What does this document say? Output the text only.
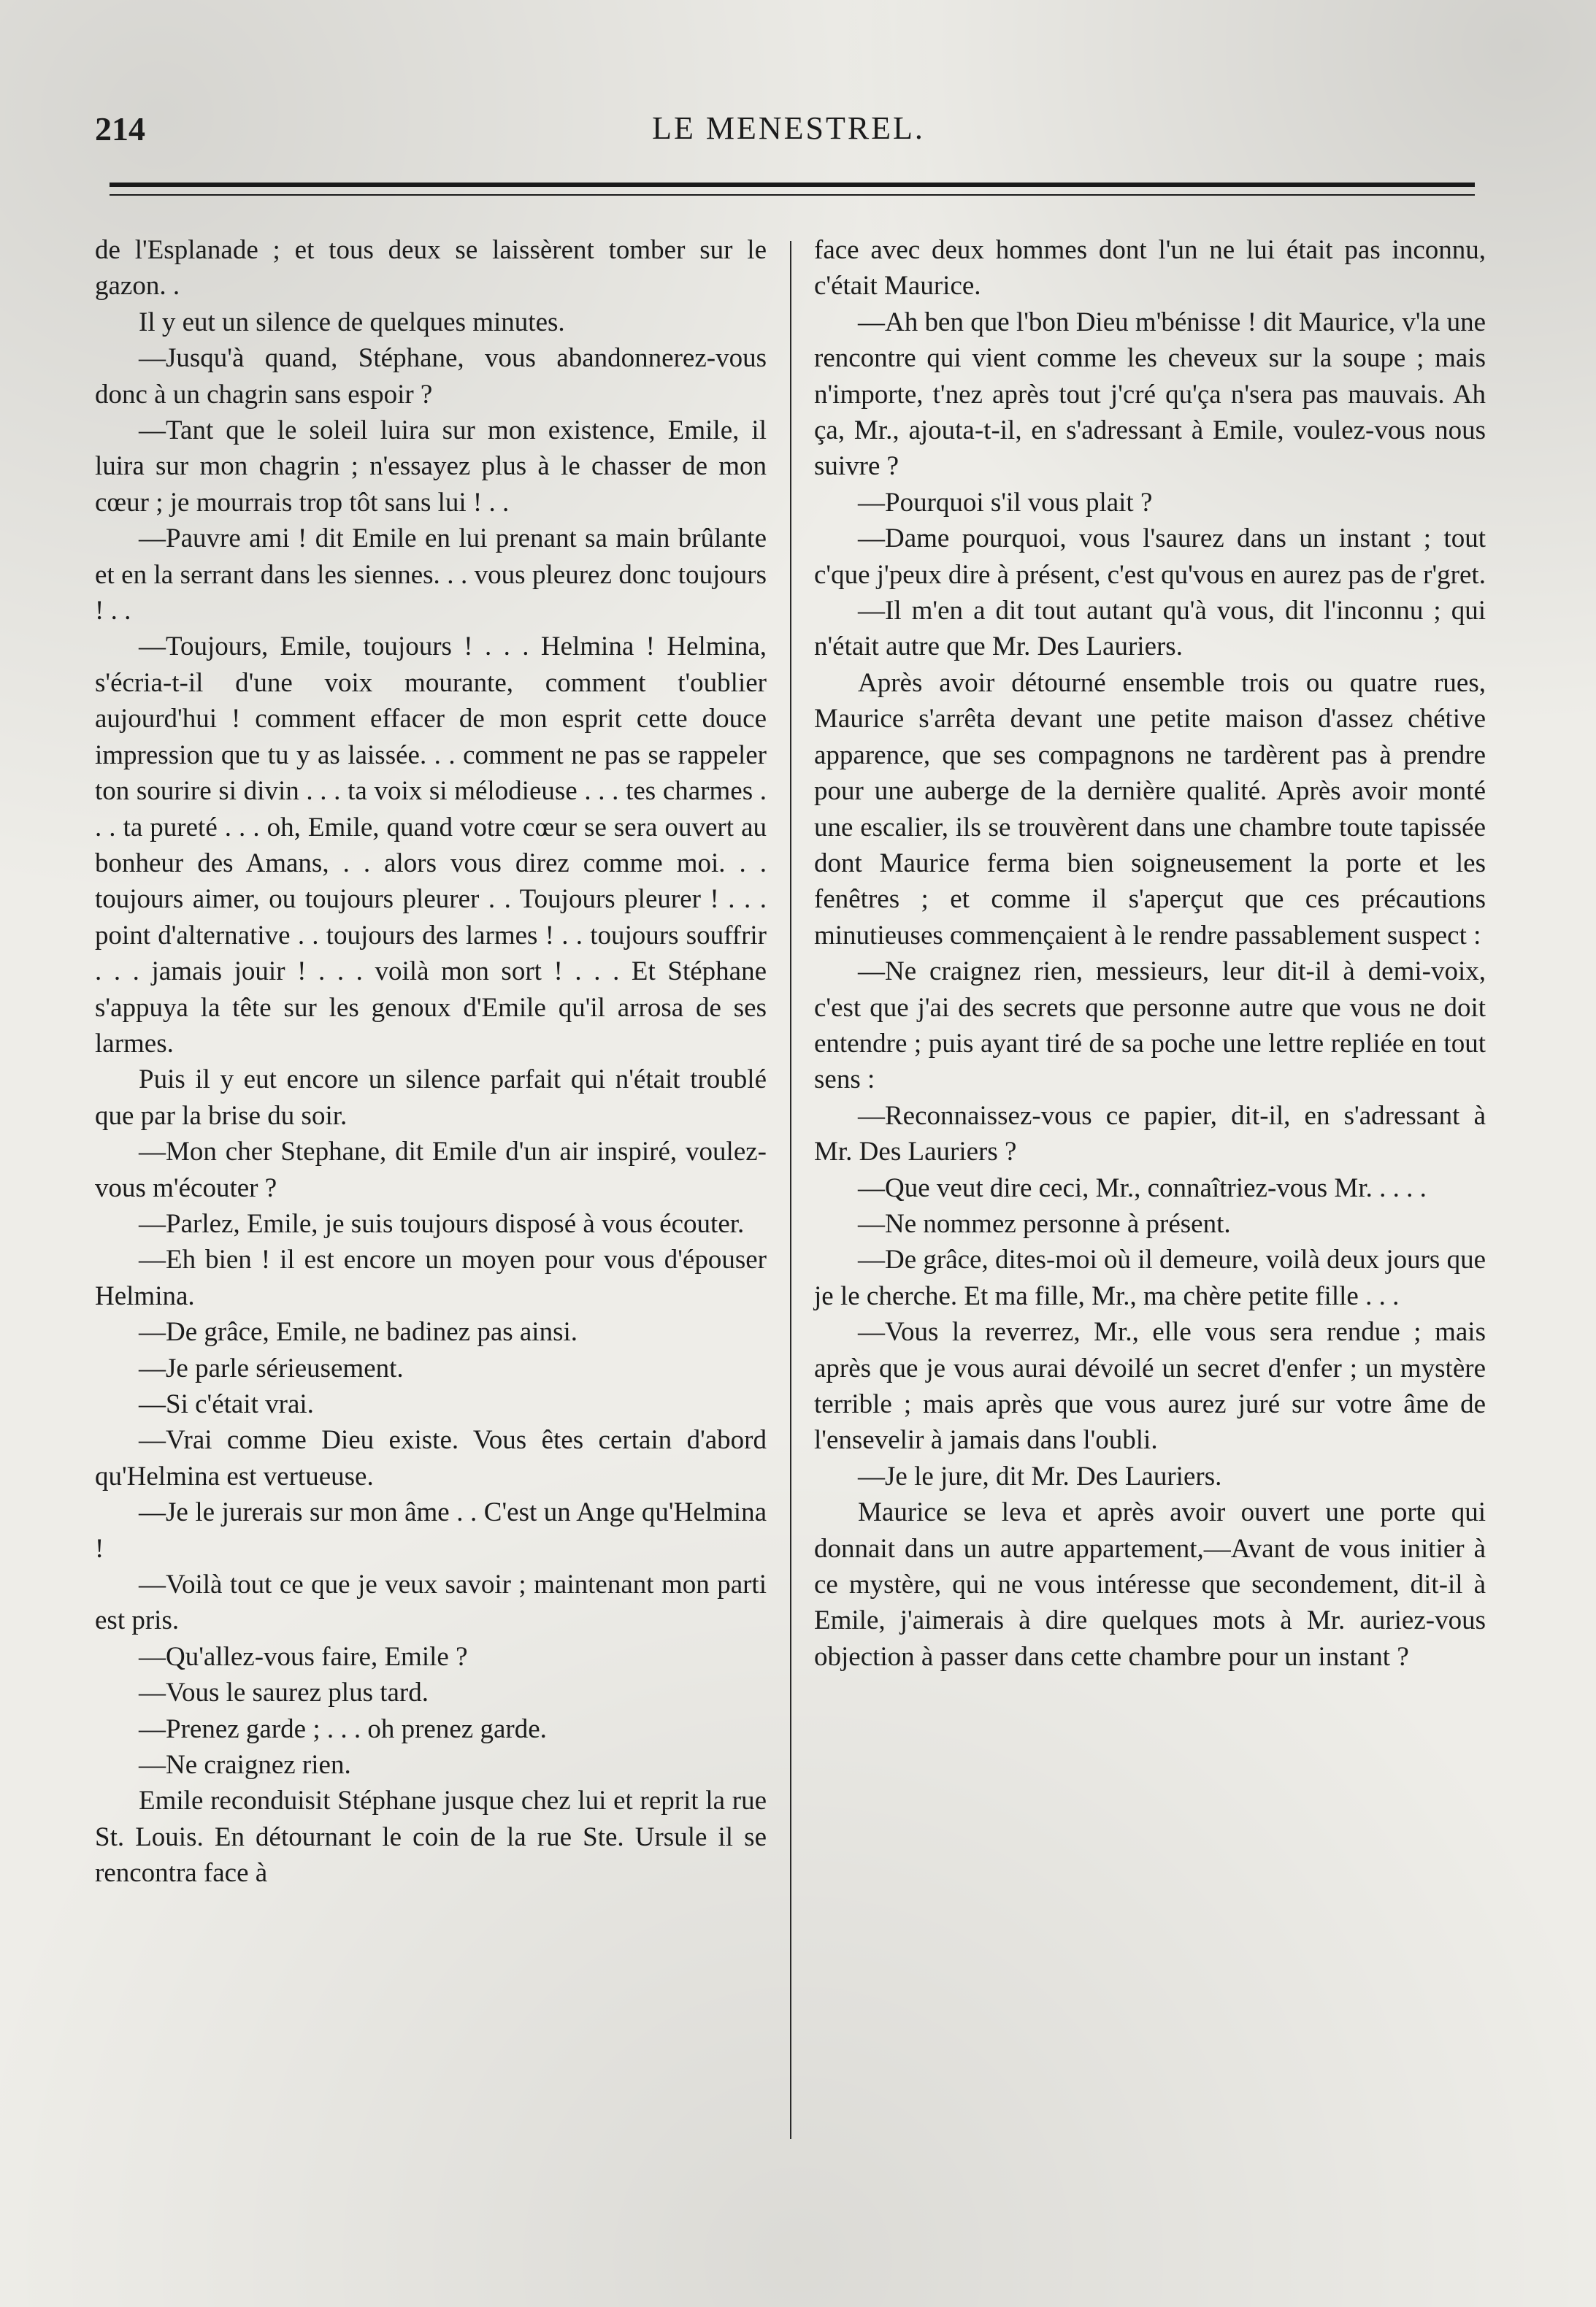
214	LE MENESTREL.

de l'Esplanade ; et tous deux se laissèrent tomber sur le gazon. .

Il y eut un silence de quelques minutes.

—Jusqu'à quand, Stéphane, vous abandonnerez-vous donc à un chagrin sans espoir ?

—Tant que le soleil luira sur mon existence, Emile, il luira sur mon chagrin ; n'essayez plus à le chasser de mon cœur ; je mourrais trop tôt sans lui ! . .

—Pauvre ami ! dit Emile en lui prenant sa main brûlante et en la serrant dans les siennes. . . vous pleurez donc toujours ! . .

—Toujours, Emile, toujours ! . . . Helmina ! Helmina, s'écria-t-il d'une voix mourante, comment t'oublier aujourd'hui ! comment effacer de mon esprit cette douce impression que tu y as laissée. . . comment ne pas se rappeler ton sourire si divin . . . ta voix si mélodieuse . . . tes charmes . . . ta pureté . . . oh, Emile, quand votre cœur se sera ouvert au bonheur des Amans, . . alors vous direz comme moi. . . toujours aimer, ou toujours pleurer . . Toujours pleurer ! . . . point d'alternative . . toujours des larmes ! . . toujours souffrir . . . jamais jouir ! . . . voilà mon sort ! . . . Et Stéphane s'appuya la tête sur les genoux d'Emile qu'il arrosa de ses larmes.

Puis il y eut encore un silence parfait qui n'était troublé que par la brise du soir.

—Mon cher Stephane, dit Emile d'un air inspiré, voulez-vous m'écouter ?

—Parlez, Emile, je suis toujours disposé à vous écouter.

—Eh bien ! il est encore un moyen pour vous d'épouser Helmina.

—De grâce, Emile, ne badinez pas ainsi.

—Je parle sérieusement.

—Si c'était vrai.

—Vrai comme Dieu existe. Vous êtes certain d'abord qu'Helmina est vertueuse.

—Je le jurerais sur mon âme . . C'est un Ange qu'Helmina !

—Voilà tout ce que je veux savoir ; maintenant mon parti est pris.

—Qu'allez-vous faire, Emile ?

—Vous le saurez plus tard.

—Prenez garde ; . . . oh prenez garde.

—Ne craignez rien.

Emile reconduisit Stéphane jusque chez lui et reprit la rue St. Louis. En détournant le coin de la rue Ste. Ursule il se rencontra face à

face avec deux hommes dont l'un ne lui était pas inconnu, c'était Maurice.

—Ah ben que l'bon Dieu m'bénisse ! dit Maurice, v'la une rencontre qui vient comme les cheveux sur la soupe ; mais n'importe, t'nez après tout j'cré qu'ça n'sera pas mauvais. Ah ça, Mr., ajouta-t-il, en s'adressant à Emile, voulez-vous nous suivre ?

—Pourquoi s'il vous plait ?

—Dame pourquoi, vous l'saurez dans un instant ; tout c'que j'peux dire à présent, c'est qu'vous en aurez pas de r'gret.

—Il m'en a dit tout autant qu'à vous, dit l'inconnu ; qui n'était autre que Mr. Des Lauriers.

Après avoir détourné ensemble trois ou quatre rues, Maurice s'arrêta devant une petite maison d'assez chétive apparence, que ses compagnons ne tardèrent pas à prendre pour une auberge de la dernière qualité. Après avoir monté une escalier, ils se trouvèrent dans une chambre toute tapissée dont Maurice ferma bien soigneusement la porte et les fenêtres ; et comme il s'aperçut que ces précautions minutieuses commençaient à le rendre passablement suspect :

—Ne craignez rien, messieurs, leur dit-il à demi-voix, c'est que j'ai des secrets que personne autre que vous ne doit entendre ; puis ayant tiré de sa poche une lettre repliée en tout sens :

—Reconnaissez-vous ce papier, dit-il, en s'adressant à Mr. Des Lauriers ?

—Que veut dire ceci, Mr., connaîtriez-vous Mr. . . . .

—Ne nommez personne à présent.

—De grâce, dites-moi où il demeure, voilà deux jours que je le cherche. Et ma fille, Mr., ma chère petite fille . . .

—Vous la reverrez, Mr., elle vous sera rendue ; mais après que je vous aurai dévoilé un secret d'enfer ; un mystère terrible ; mais après que vous aurez juré sur votre âme de l'ensevelir à jamais dans l'oubli.

—Je le jure, dit Mr. Des Lauriers.

Maurice se leva et après avoir ouvert une porte qui donnait dans un autre appartement,—Avant de vous initier à ce mystère, qui ne vous intéresse que secondement, dit-il à Emile, j'aimerais à dire quelques mots à Mr. auriez-vous objection à passer dans cette chambre pour un instant ?
